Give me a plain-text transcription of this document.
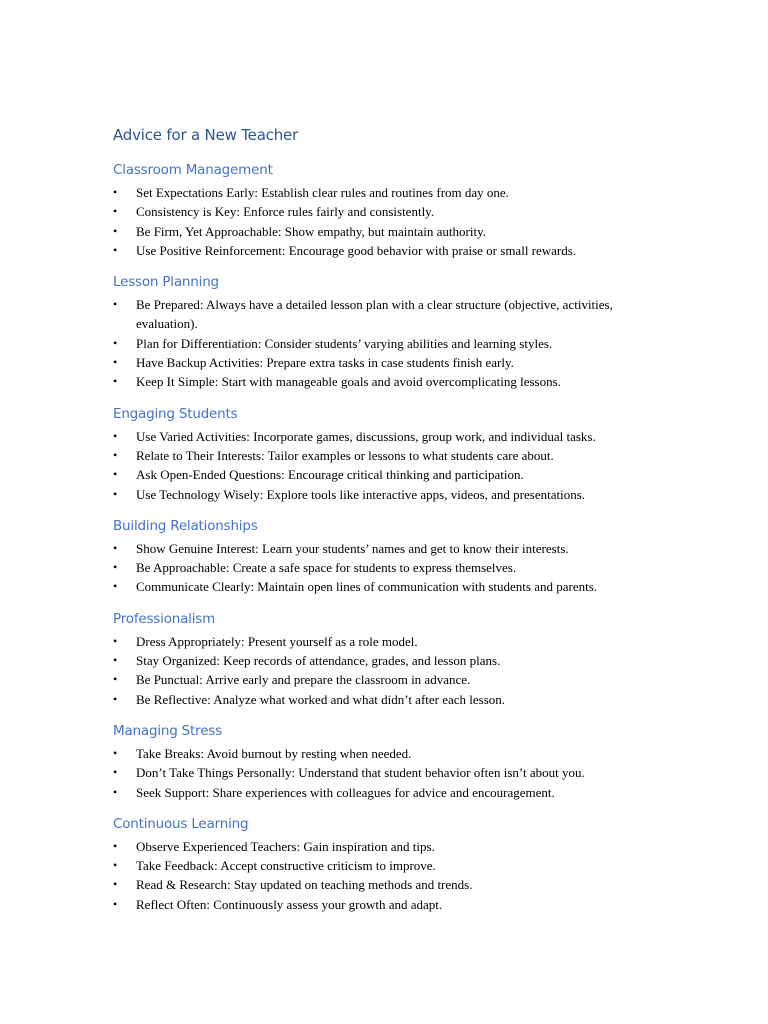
Advice for a New Teacher
Classroom Management
• Set Expectations Early: Establish clear rules and routines from day one.
• Consistency is Key: Enforce rules fairly and consistently.
• Be Firm, Yet Approachable: Show empathy, but maintain authority.
• Use Positive Reinforcement: Encourage good behavior with praise or small rewards.
Lesson Planning
• Be Prepared: Always have a detailed lesson plan with a clear structure (objective, activities, evaluation).
• Plan for Differentiation: Consider students’ varying abilities and learning styles.
• Have Backup Activities: Prepare extra tasks in case students finish early.
• Keep It Simple: Start with manageable goals and avoid overcomplicating lessons.
Engaging Students
• Use Varied Activities: Incorporate games, discussions, group work, and individual tasks.
• Relate to Their Interests: Tailor examples or lessons to what students care about.
• Ask Open-Ended Questions: Encourage critical thinking and participation.
• Use Technology Wisely: Explore tools like interactive apps, videos, and presentations.
Building Relationships
• Show Genuine Interest: Learn your students’ names and get to know their interests.
• Be Approachable: Create a safe space for students to express themselves.
• Communicate Clearly: Maintain open lines of communication with students and parents.
Professionalism
• Dress Appropriately: Present yourself as a role model.
• Stay Organized: Keep records of attendance, grades, and lesson plans.
• Be Punctual: Arrive early and prepare the classroom in advance.
• Be Reflective: Analyze what worked and what didn’t after each lesson.
Managing Stress
• Take Breaks: Avoid burnout by resting when needed.
• Don’t Take Things Personally: Understand that student behavior often isn’t about you.
• Seek Support: Share experiences with colleagues for advice and encouragement.
Continuous Learning
• Observe Experienced Teachers: Gain inspiration and tips.
• Take Feedback: Accept constructive criticism to improve.
• Read & Research: Stay updated on teaching methods and trends.
• Reflect Often: Continuously assess your growth and adapt.
